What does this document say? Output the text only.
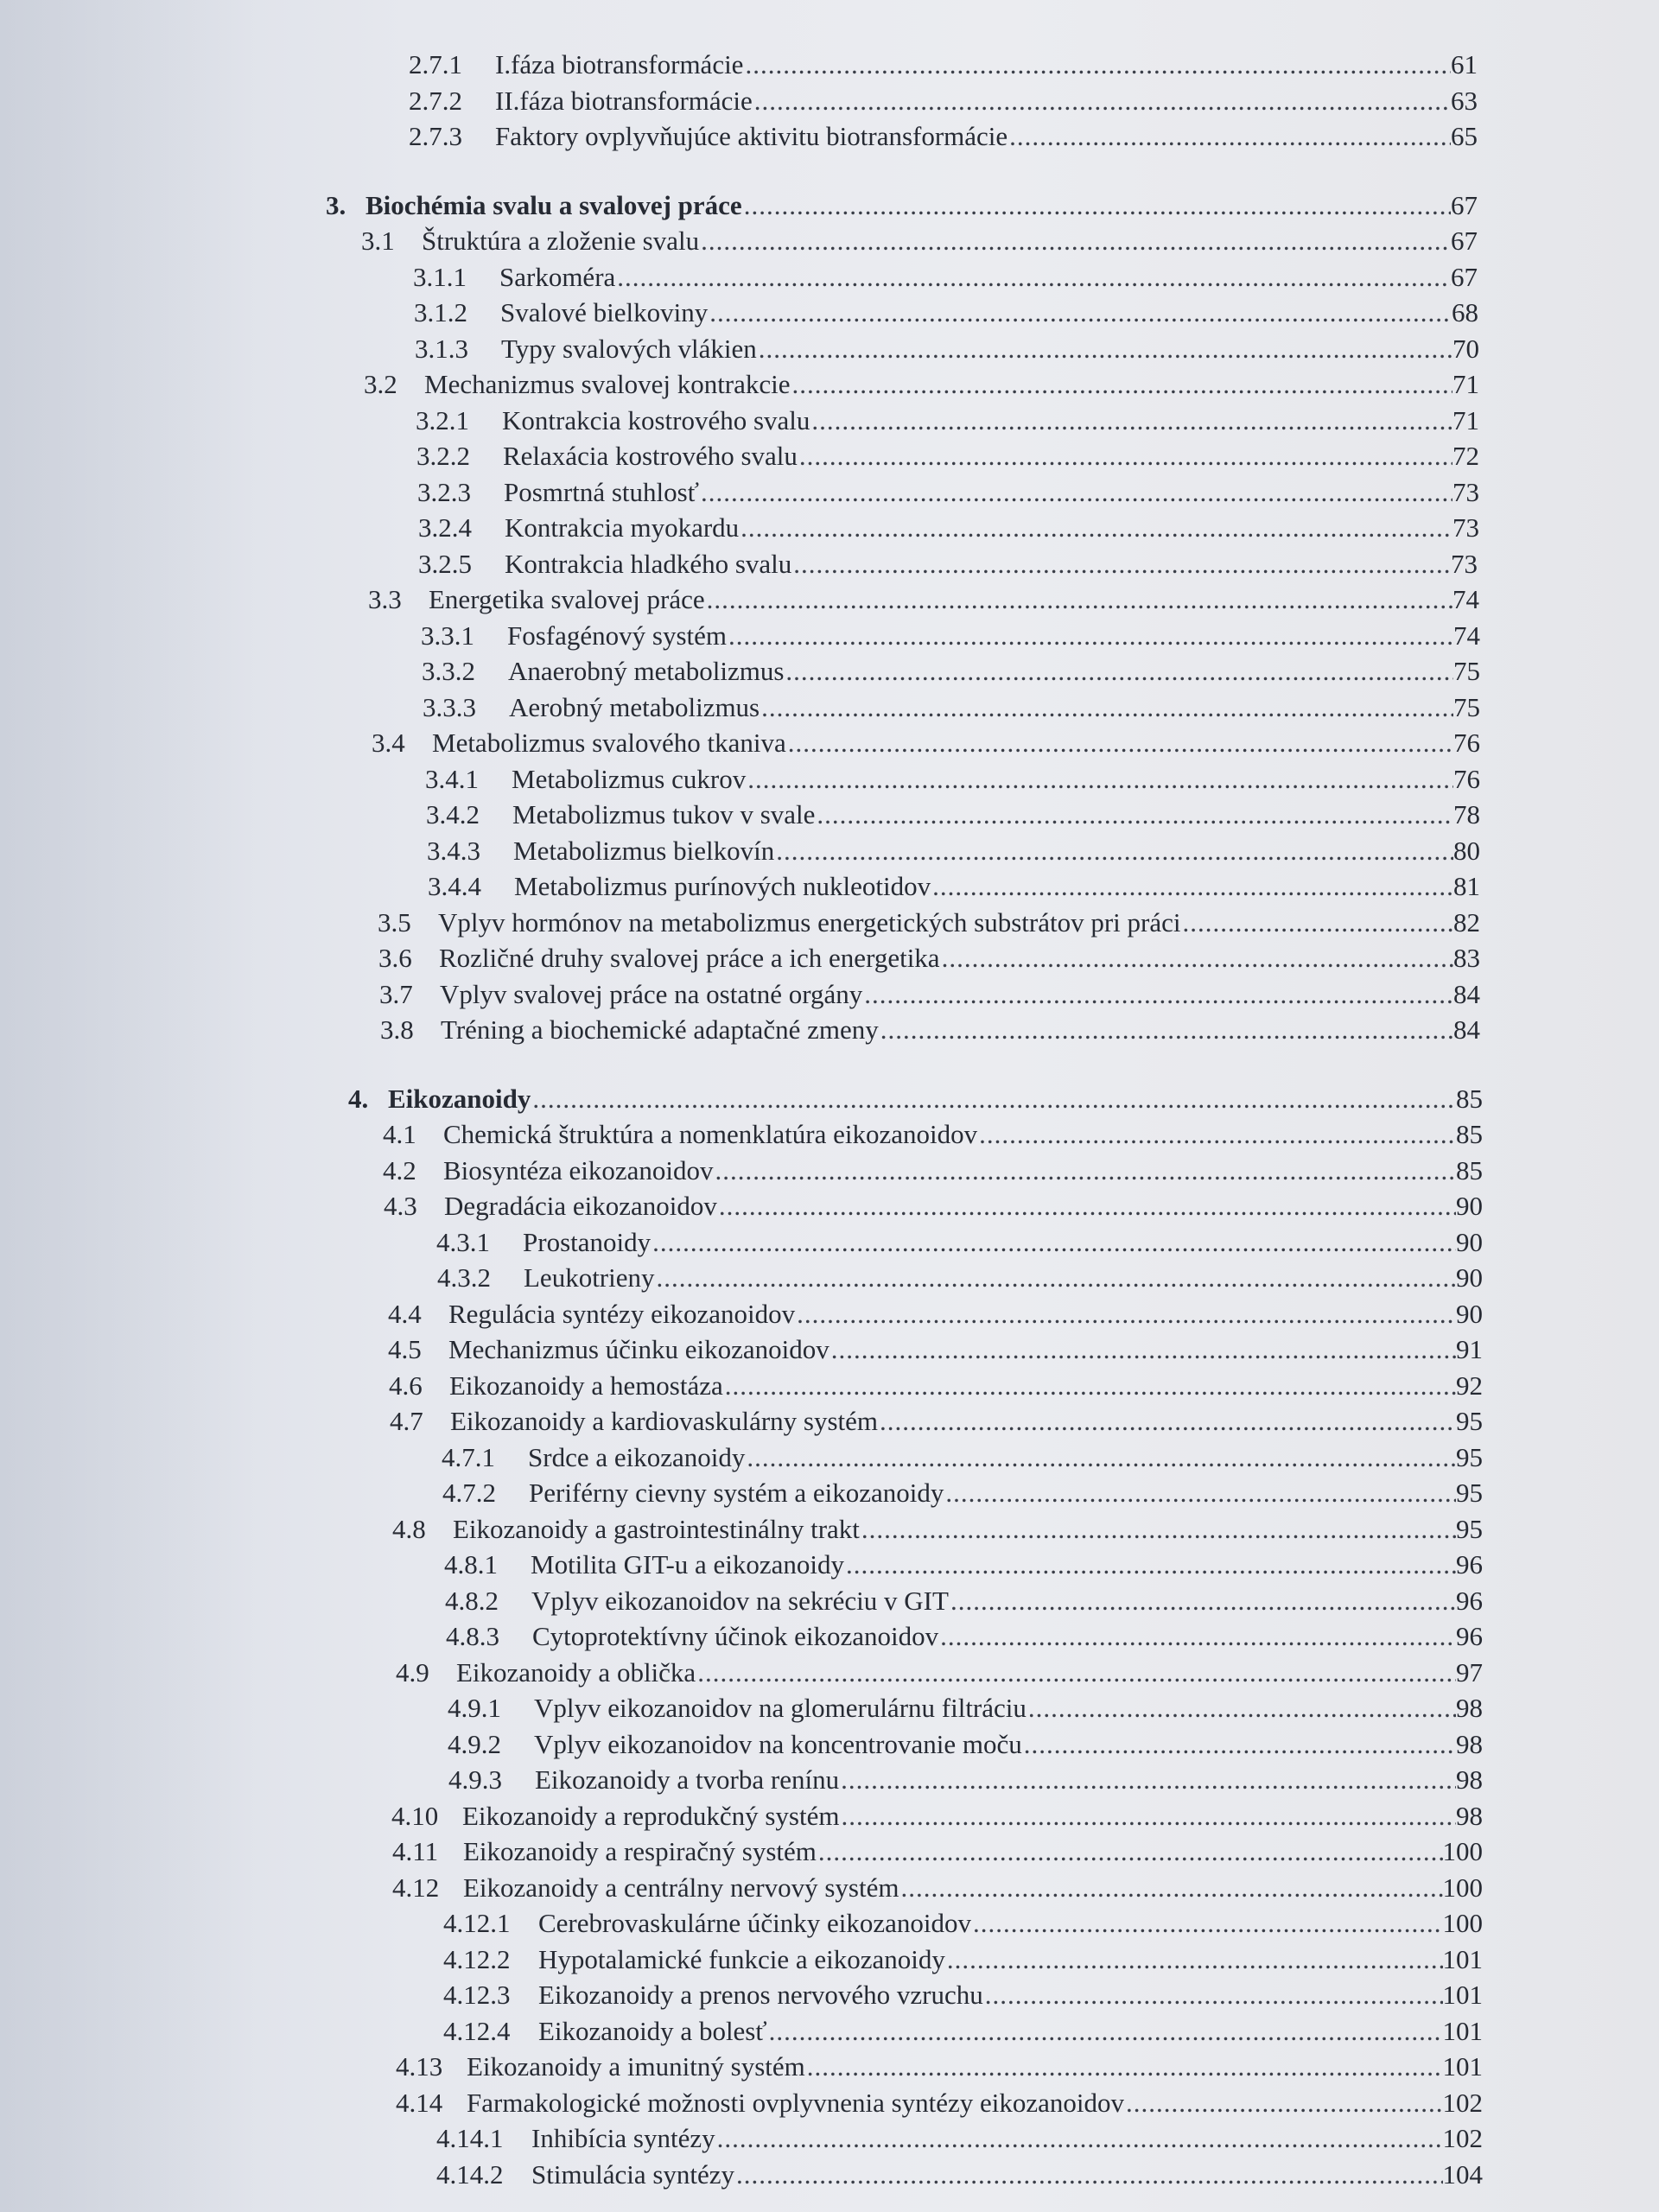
2.7.1	I.fáza biotransformácie .....	61
2.7.2	II.fáza biotransformácie .....	63
2.7.3	Faktory ovplyvňujúce aktivitu biotransformácie .....	65
3. Biochémia svalu a svalovej práce .....	67
3.1	Štruktúra a zloženie svalu .....	67
3.1.1	Sarkoméra .....	67
3.1.2	Svalové bielkoviny .....	68
3.1.3	Typy svalových vlákien .....	70
3.2	Mechanizmus svalovej kontrakcie .....	71
3.2.1	Kontrakcia kostrového svalu .....	71
3.2.2	Relaxácia kostrového svalu .....	72
3.2.3	Posmrtná stuhlosť .....	73
3.2.4	Kontrakcia myokardu .....	73
3.2.5	Kontrakcia hladkého svalu .....	73
3.3	Energetika svalovej práce .....	74
3.3.1	Fosfagénový systém .....	74
3.3.2	Anaerobný metabolizmus .....	75
3.3.3	Aerobný metabolizmus .....	75
3.4	Metabolizmus svalového tkaniva .....	76
3.4.1	Metabolizmus cukrov .....	76
3.4.2	Metabolizmus tukov v svale .....	78
3.4.3	Metabolizmus bielkovín .....	80
3.4.4	Metabolizmus purínových nukleotidov .....	81
3.5	Vplyv hormónov na metabolizmus energetických substrátov pri práci .....	82
3.6	Rozličné druhy svalovej práce a ich energetika .....	83
3.7	Vplyv svalovej práce na ostatné orgány .....	84
3.8	Tréning a biochemické adaptačné zmeny .....	84
4. Eikozanoidy .....	85
4.1	Chemická štruktúra a nomenklatúra eikozanoidov .....	85
4.2	Biosyntéza eikozanoidov .....	85
4.3	Degradácia eikozanoidov .....	90
4.3.1	Prostanoidy .....	90
4.3.2	Leukotrieny .....	90
4.4	Regulácia syntézy eikozanoidov .....	90
4.5	Mechanizmus účinku eikozanoidov .....	91
4.6	Eikozanoidy a hemostáza .....	92
4.7	Eikozanoidy a kardiovaskulárny systém .....	95
4.7.1	Srdce a eikozanoidy .....	95
4.7.2	Periférny cievny systém a eikozanoidy .....	95
4.8	Eikozanoidy a gastrointestinálny trakt .....	95
4.8.1	Motilita GIT-u a eikozanoidy .....	96
4.8.2	Vplyv eikozanoidov na sekréciu v GIT .....	96
4.8.3	Cytoprotektívny účinok eikozanoidov .....	96
4.9	Eikozanoidy a oblička .....	97
4.9.1	Vplyv eikozanoidov na glomerulárnu filtráciu .....	98
4.9.2	Vplyv eikozanoidov na koncentrovanie moču .....	98
4.9.3	Eikozanoidy a tvorba renínu .....	98
4.10 Eikozanoidy a reprodukčný systém .....	98
4.11 Eikozanoidy a respiračný systém .....	100
4.12 Eikozanoidy a centrálny nervový systém .....	100
4.12.1	Cerebrovaskulárne účinky eikozanoidov .....	100
4.12.2	Hypotalamické funkcie a eikozanoidy .....	101
4.12.3	Eikozanoidy a prenos nervového vzruchu .....	101
4.12.4	Eikozanoidy a bolesť .....	101
4.13 Eikozanoidy a imunitný systém .....	101
4.14 Farmakologické možnosti ovplyvnenia syntézy eikozanoidov .....	102
4.14.1	Inhibícia syntézy .....	102
4.14.2	Stimulácia syntézy .....	104
